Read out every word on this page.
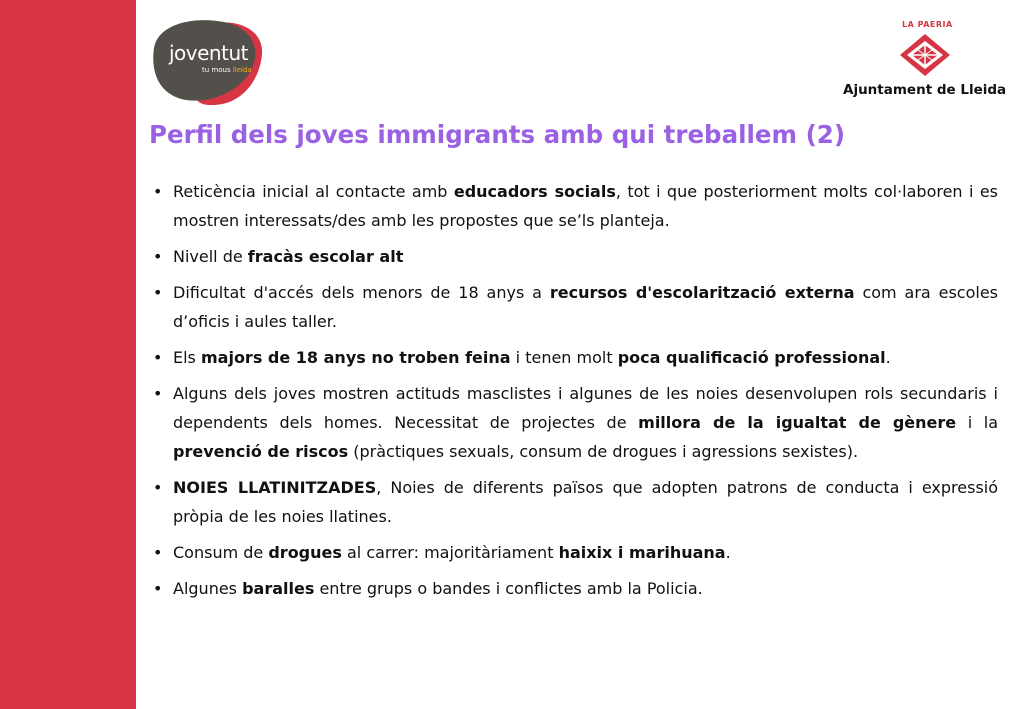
joventut
tu mous lleida
LA PAERIA
Ajuntament de Lleida
Perfil dels joves immigrants amb qui treballem (2)
• Reticència inicial al contacte amb educadors socials, tot i que posteriorment molts col·laboren i es mostren interessats/des amb les propostes que se’ls planteja.
• Nivell de fracàs escolar alt
• Dificultat d'accés dels menors de 18 anys a recursos d'escolarització externa com ara escoles d’oficis i aules taller.
• Els majors de 18 anys no troben feina i tenen molt poca qualificació professional.
• Alguns dels joves mostren actituds masclistes i algunes de les noies desenvolupen rols secundaris i dependents dels homes. Necessitat de projectes de millora de la igualtat de gènere i la prevenció de riscos (pràctiques sexuals, consum de drogues i agressions sexistes).
• NOIES LLATINITZADES, Noies de diferents països que adopten patrons de conducta i expressió pròpia de les noies llatines.
• Consum de drogues al carrer: majoritàriament haixix i marihuana.
• Algunes baralles entre grups o bandes i conflictes amb la Policia.
